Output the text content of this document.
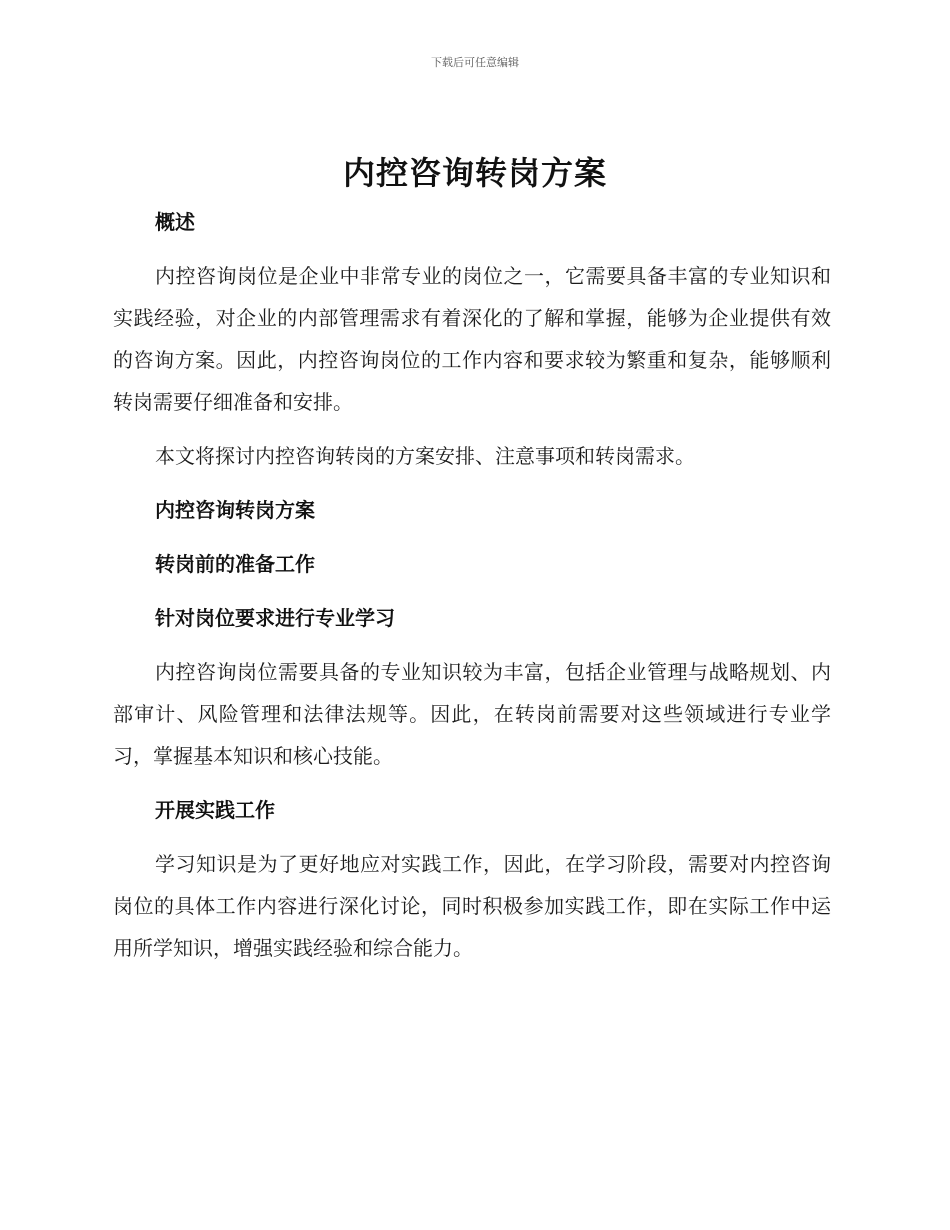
下载后可任意编辑
内控咨询转岗方案
概述
内控咨询岗位是企业中非常专业的岗位之一，它需要具备丰富的专业知识和实践经验，对企业的内部管理需求有着深化的了解和掌握，能够为企业提供有效的咨询方案。因此，内控咨询岗位的工作内容和要求较为繁重和复杂，能够顺利转岗需要仔细准备和安排。
本文将探讨内控咨询转岗的方案安排、注意事项和转岗需求。
内控咨询转岗方案
转岗前的准备工作
针对岗位要求进行专业学习
内控咨询岗位需要具备的专业知识较为丰富，包括企业管理与战略规划、内部审计、风险管理和法律法规等。因此，在转岗前需要对这些领域进行专业学习，掌握基本知识和核心技能。
开展实践工作
学习知识是为了更好地应对实践工作，因此，在学习阶段，需要对内控咨询岗位的具体工作内容进行深化讨论，同时积极参加实践工作，即在实际工作中运用所学知识，增强实践经验和综合能力。
